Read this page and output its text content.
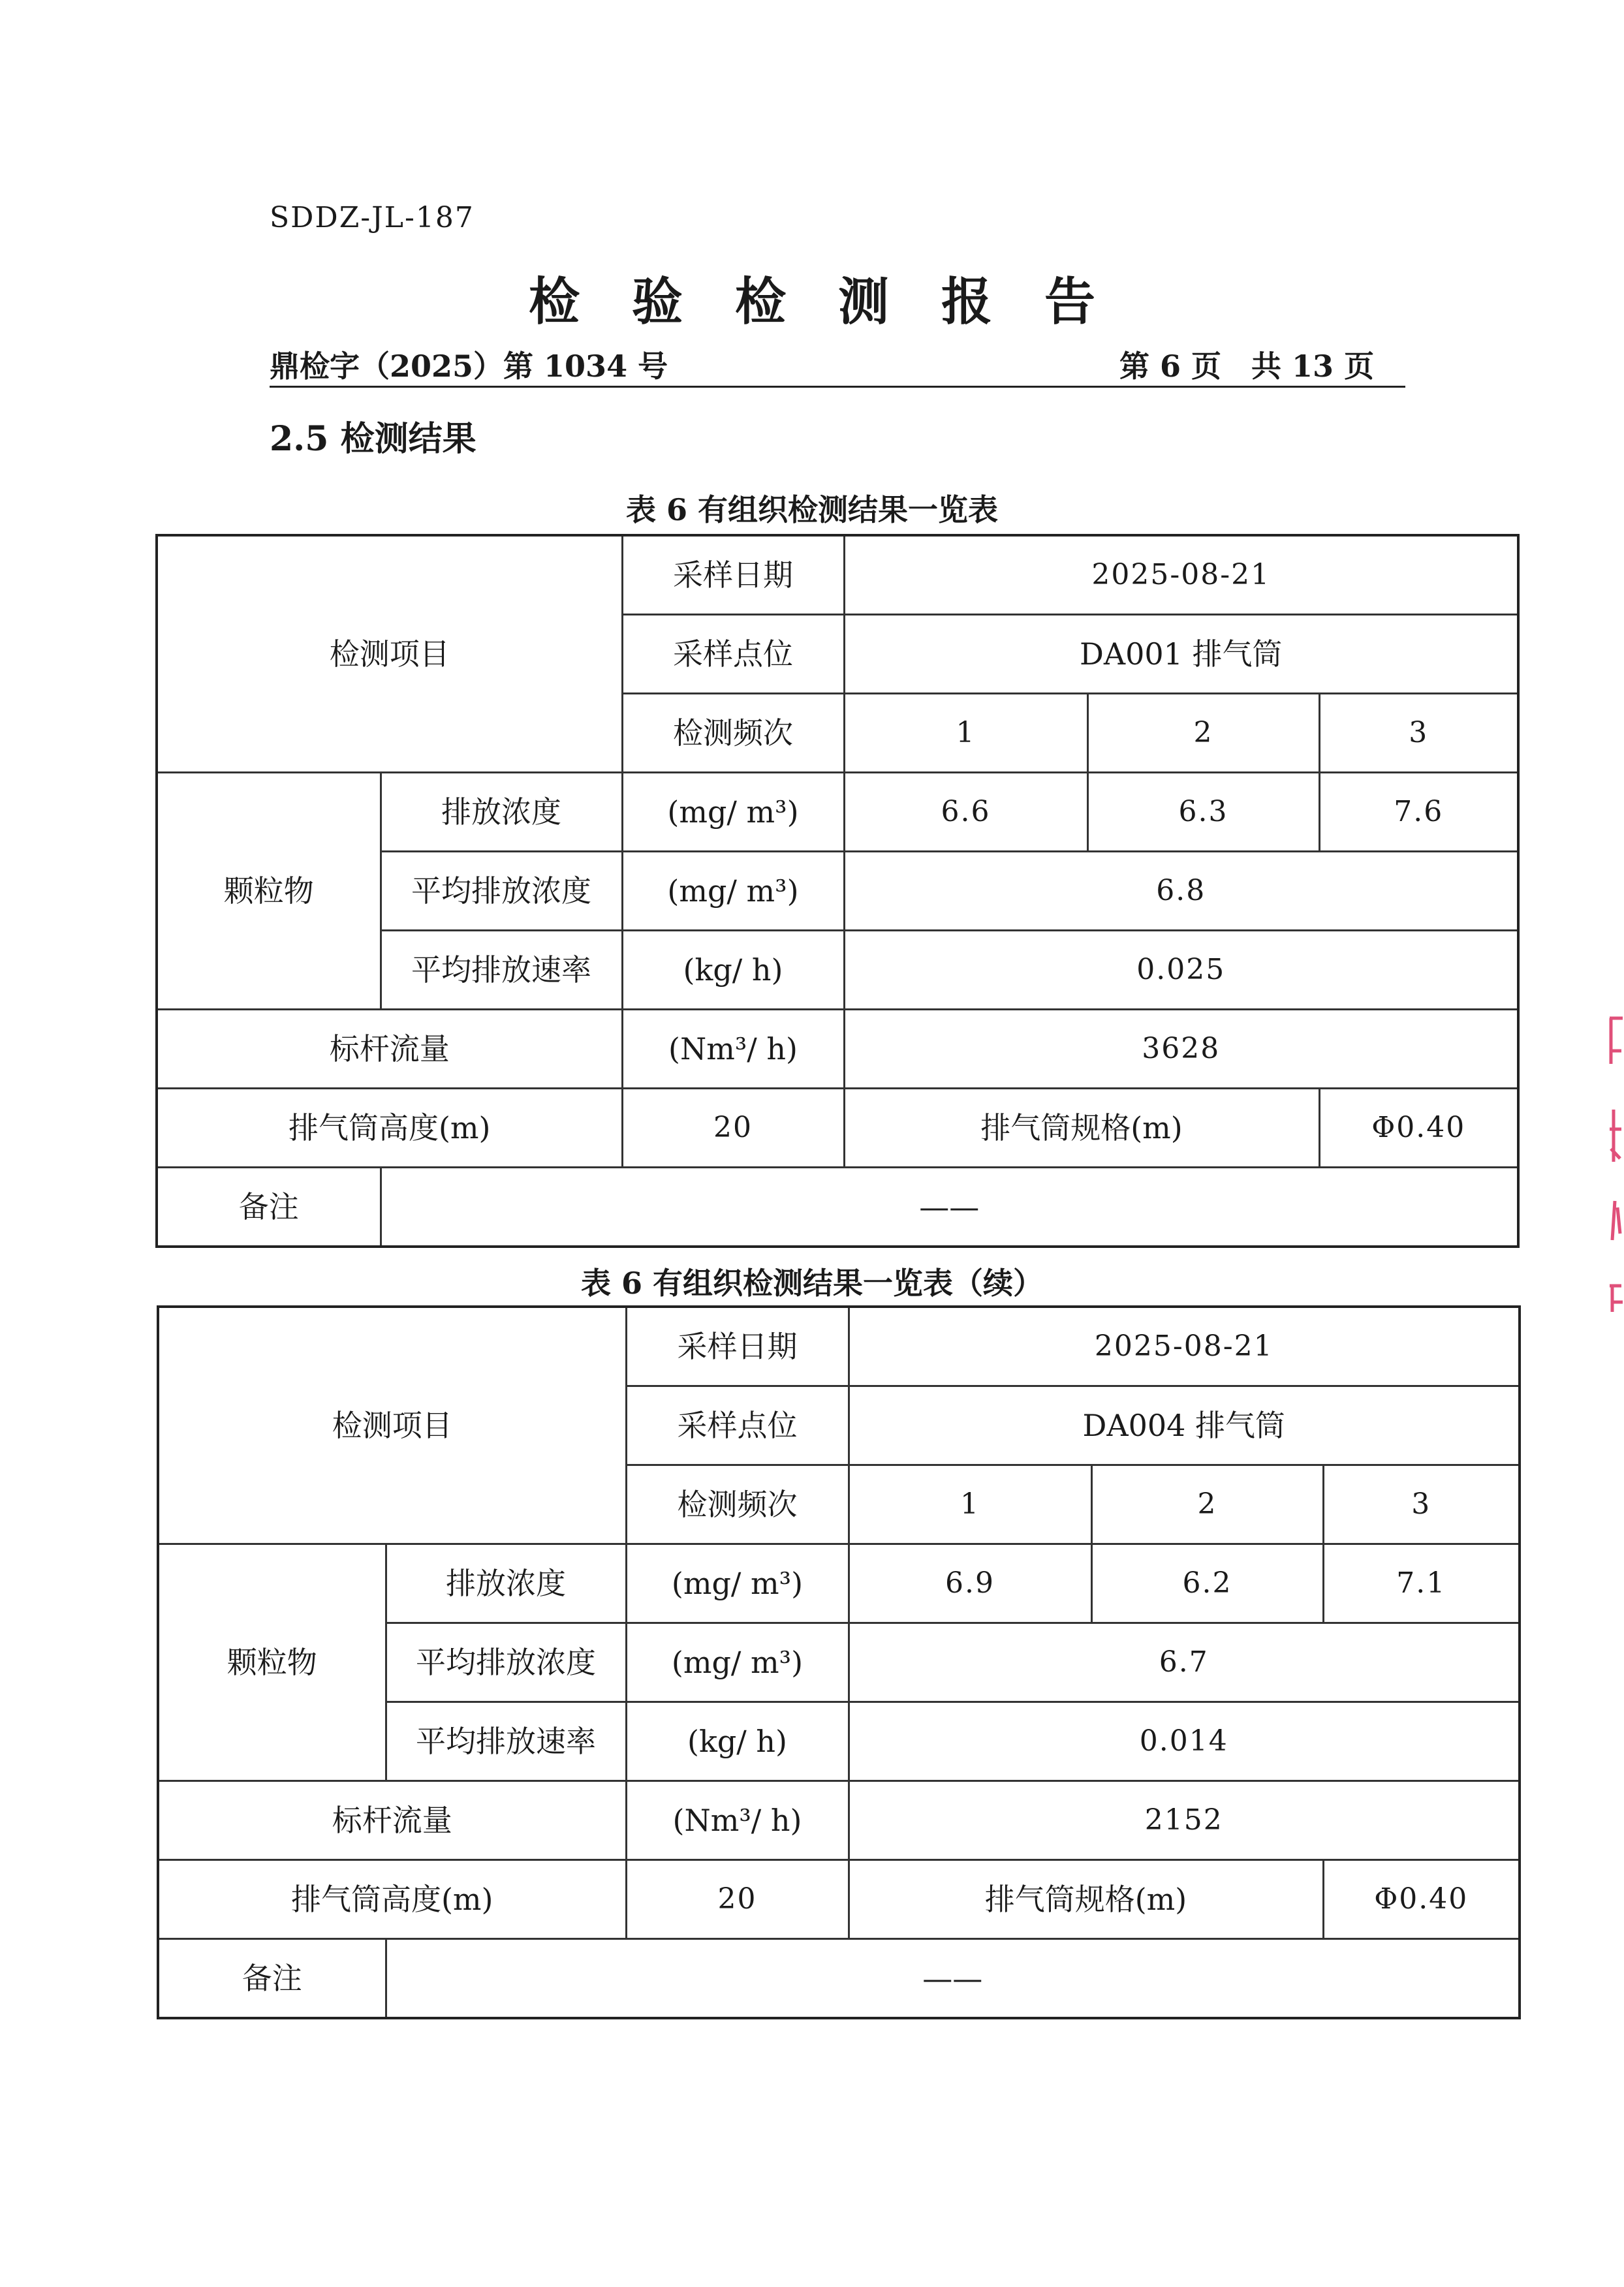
SDDZ-JL-187
检 验 检 测 报 告
鼎检字（2025）第 1034 号	第 6 页　共 13 页
2.5 检测结果
表 6 有组织检测结果一览表
检测项目		采样日期	2025-08-21		
		采样点位	DA001 排气筒		
		检测频次	1	2	3
颗粒物	排放浓度	(mg/ m³)	6.6	6.3	7.6
	平均排放浓度	(mg/ m³)	6.8		
	平均排放速率	(kg/ h)	0.025		
标杆流量		(Nm³/ h)	3628		
排气筒高度(m)		20	排气筒规格(m)		Φ0.40
备注	——				
表 6 有组织检测结果一览表（续）
检测项目		采样日期	2025-08-21		
		采样点位	DA004 排气筒		
		检测频次	1	2	3
颗粒物	排放浓度	(mg/ m³)	6.9	6.2	7.1
	平均排放浓度	(mg/ m³)	6.7		
	平均排放速率	(kg/ h)	0.014		
标杆流量		(Nm³/ h)	2152		
排气筒高度(m)		20	排气筒规格(m)		Φ0.40
备注	——				
